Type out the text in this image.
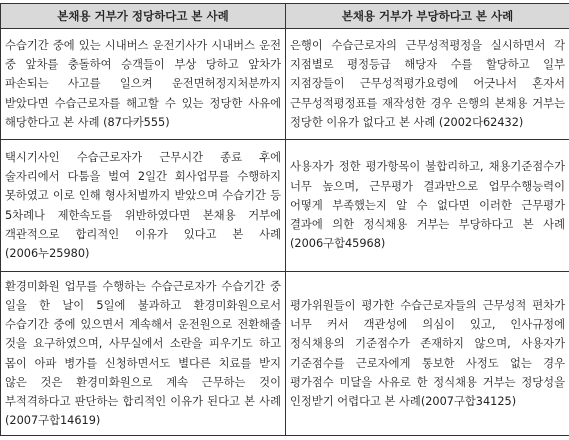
본채용 거부가 정당하다고 본 사례	본채용 거부가 부당하다고 본 사례
수습기간 중에 있는 시내버스 운전기사가 시내버스 운전 중 앞차를 충돌하여 승객들이 부상 당하고 앞차가 파손되는 사고를 일으켜 운전면허정지처분까지 받았다면 수습근로자를 해고할 수 있는 정당한 사유에 해당한다고 본 사례 (87다카555)	은행이 수습근로자의 근무성적평정을 실시하면서 각 지점별로 평정등급 해당자 수를 할당하고 일부 지점장들이 근무성적평가요령에 어긋나서 혼자서 근무성적평정표를 재작성한 경우 은행의 본채용 거부는 정당한 이유가 없다고 본 사례 (2002다62432)
택시기사인 수습근로자가 근무시간 종료 후에 술자리에서 다툼을 벌여 2일간 회사업무를 수행하지 못하였고 이로 인해 형사처벌까지 받았으며 수습기간 등 5차례나 제한속도를 위반하였다면 본채용 거부에 객관적으로 합리적인 이유가 있다고 본 사례 (2006누25980)	사용자가 정한 평가항목이 불합리하고, 채용기준점수가 너무 높으며, 근무평가 결과만으로 업무수행능력이 어떻게 부족했는지 알 수 없다면 이러한 근무평가 결과에 의한 정식채용 거부는 부당하다고 본 사례(2006구합45968)
환경미화원 업무를 수행하는 수습근로자가 수습기간 중 일을 한 날이 5일에 불과하고 환경미화원으로서 수습기간 중에 있으면서 계속해서 운전원으로 전환해줄 것을 요구하였으며, 사무실에서 소란을 피우기도 하고 몸이 아파 병가를 신청하면서도 별다른 치료를 받지 않은 것은 환경미화원으로 계속 근무하는 것이 부적격하다고 판단하는 합리적인 이유가 된다고 본 사례 (2007구합14619)	평가위원들이 평가한 수습근로자들의 근무성적 편차가 너무 커서 객관성에 의심이 있고, 인사규정에 정식채용의 기준점수가 존재하지 않으며, 사용자가 기준점수를 근로자에게 통보한 사정도 없는 경우 평가점수 미달을 사유로 한 정식채용 거부는 정당성을 인정받기 어렵다고 본 사례(2007구합34125)
